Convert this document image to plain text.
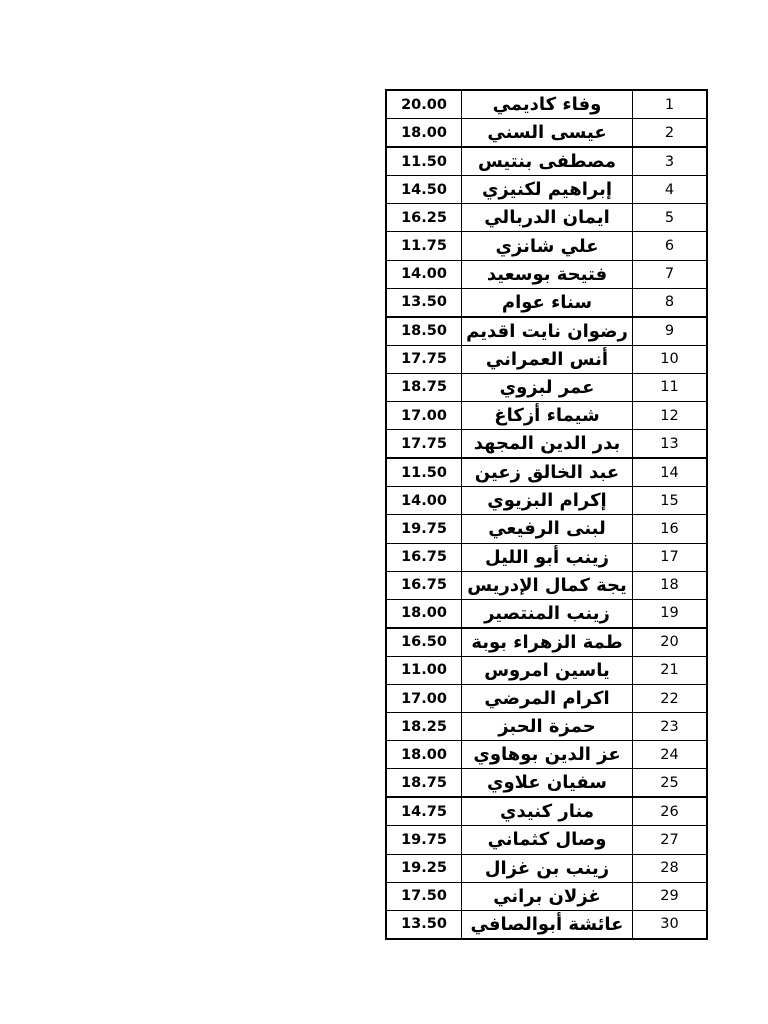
20.00	وفاء كاديمي	1
18.00	عيسى السني	2
11.50	مصطفى بنتيس	3
14.50	إبراهيم لكنيزي	4
16.25	ايمان الدربالي	5
11.75	علي شانزي	6
14.00	فتيحة بوسعيد	7
13.50	سناء عوام	8
18.50	رضوان نايت اقديم	9
17.75	أنس العمراني	10
18.75	عمر لبزوي	11
17.00	شيماء أزكاغ	12
17.75	بدر الدين المجهد	13
11.50	عبد الخالق زعين	14
14.00	إكرام البزيوي	15
19.75	لبنى الرفيعي	16
16.75	زينب أبو الليل	17
16.75	يجة كمال الإدريس	18
18.00	زينب المنتصير	19
16.50	طمة الزهراء بوبة	20
11.00	ياسين امروس	21
17.00	اكرام المرضي	22
18.25	حمزة الحبز	23
18.00	عز الدين بوهاوي	24
18.75	سفيان علاوي	25
14.75	منار كنيدي	26
19.75	وصال كثماني	27
19.25	زينب بن غزال	28
17.50	غزلان براني	29
13.50	عائشة أبوالصافي	30
